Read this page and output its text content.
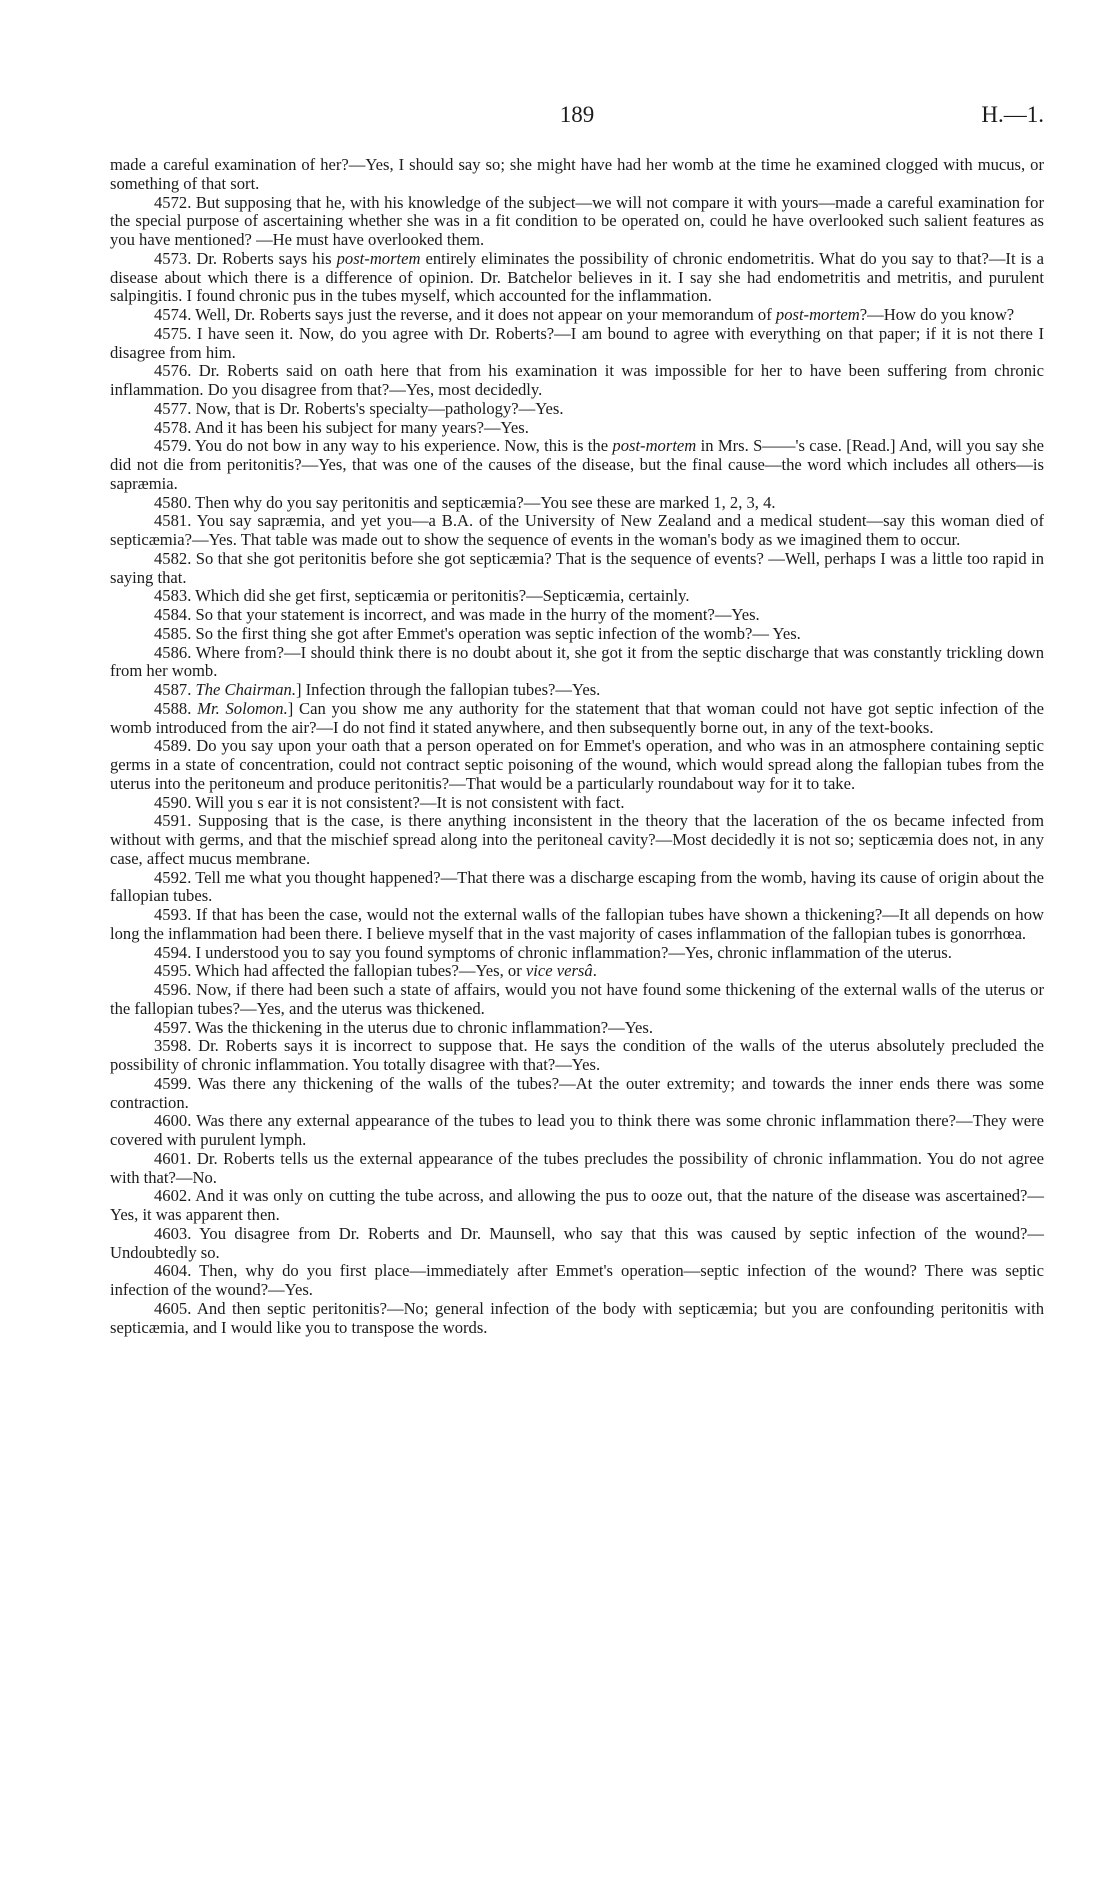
189	H.—1.

made a careful examination of her?—Yes, I should say so; she might have had her womb at the time he examined clogged with mucus, or something of that sort.

4572. But supposing that he, with his knowledge of the subject—we will not compare it with yours—made a careful examination for the special purpose of ascertaining whether she was in a fit condition to be operated on, could he have overlooked such salient features as you have mentioned? —He must have overlooked them.

4573. Dr. Roberts says his post-mortem entirely eliminates the possibility of chronic endometritis. What do you say to that?—It is a disease about which there is a difference of opinion. Dr. Batchelor believes in it. I say she had endometritis and metritis, and purulent salpingitis. I found chronic pus in the tubes myself, which accounted for the inflammation.

4574. Well, Dr. Roberts says just the reverse, and it does not appear on your memorandum of post-mortem?—How do you know?

4575. I have seen it. Now, do you agree with Dr. Roberts?—I am bound to agree with everything on that paper; if it is not there I disagree from him.

4576. Dr. Roberts said on oath here that from his examination it was impossible for her to have been suffering from chronic inflammation. Do you disagree from that?—Yes, most decidedly.

4577. Now, that is Dr. Roberts's specialty—pathology?—Yes.

4578. And it has been his subject for many years?—Yes.

4579. You do not bow in any way to his experience. Now, this is the post-mortem in Mrs. S——'s case. [Read.] And, will you say she did not die from peritonitis?—Yes, that was one of the causes of the disease, but the final cause—the word which includes all others—is sapræmia.

4580. Then why do you say peritonitis and septicæmia?—You see these are marked 1, 2, 3, 4.

4581. You say sapræmia, and yet you—a B.A. of the University of New Zealand and a medical student—say this woman died of septicæmia?—Yes. That table was made out to show the sequence of events in the woman's body as we imagined them to occur.

4582. So that she got peritonitis before she got septicæmia? That is the sequence of events? —Well, perhaps I was a little too rapid in saying that.

4583. Which did she get first, septicæmia or peritonitis?—Septicæmia, certainly.

4584. So that your statement is incorrect, and was made in the hurry of the moment?—Yes.

4585. So the first thing she got after Emmet's operation was septic infection of the womb?— Yes.

4586. Where from?—I should think there is no doubt about it, she got it from the septic discharge that was constantly trickling down from her womb.

4587. The Chairman.] Infection through the fallopian tubes?—Yes.

4588. Mr. Solomon.] Can you show me any authority for the statement that that woman could not have got septic infection of the womb introduced from the air?—I do not find it stated anywhere, and then subsequently borne out, in any of the text-books.

4589. Do you say upon your oath that a person operated on for Emmet's operation, and who was in an atmosphere containing septic germs in a state of concentration, could not contract septic poisoning of the wound, which would spread along the fallopian tubes from the uterus into the peritoneum and produce peritonitis?—That would be a particularly roundabout way for it to take.

4590. Will you s ear it is not consistent?—It is not consistent with fact.

4591. Supposing that is the case, is there anything inconsistent in the theory that the laceration of the os became infected from without with germs, and that the mischief spread along into the peritoneal cavity?—Most decidedly it is not so; septicæmia does not, in any case, affect mucus membrane.

4592. Tell me what you thought happened?—That there was a discharge escaping from the womb, having its cause of origin about the fallopian tubes.

4593. If that has been the case, would not the external walls of the fallopian tubes have shown a thickening?—It all depends on how long the inflammation had been there. I believe myself that in the vast majority of cases inflammation of the fallopian tubes is gonorrhœa.

4594. I understood you to say you found symptoms of chronic inflammation?—Yes, chronic inflammation of the uterus.

4595. Which had affected the fallopian tubes?—Yes, or vice versâ.

4596. Now, if there had been such a state of affairs, would you not have found some thickening of the external walls of the uterus or the fallopian tubes?—Yes, and the uterus was thickened.

4597. Was the thickening in the uterus due to chronic inflammation?—Yes.

3598. Dr. Roberts says it is incorrect to suppose that. He says the condition of the walls of the uterus absolutely precluded the possibility of chronic inflammation. You totally disagree with that?—Yes.

4599. Was there any thickening of the walls of the tubes?—At the outer extremity; and towards the inner ends there was some contraction.

4600. Was there any external appearance of the tubes to lead you to think there was some chronic inflammation there?—They were covered with purulent lymph.

4601. Dr. Roberts tells us the external appearance of the tubes precludes the possibility of chronic inflammation. You do not agree with that?—No.

4602. And it was only on cutting the tube across, and allowing the pus to ooze out, that the nature of the disease was ascertained?—Yes, it was apparent then.

4603. You disagree from Dr. Roberts and Dr. Maunsell, who say that this was caused by septic infection of the wound?—Undoubtedly so.

4604. Then, why do you first place—immediately after Emmet's operation—septic infection of the wound? There was septic infection of the wound?—Yes.

4605. And then septic peritonitis?—No; general infection of the body with septicæmia; but you are confounding peritonitis with septicæmia, and I would like you to transpose the words.
